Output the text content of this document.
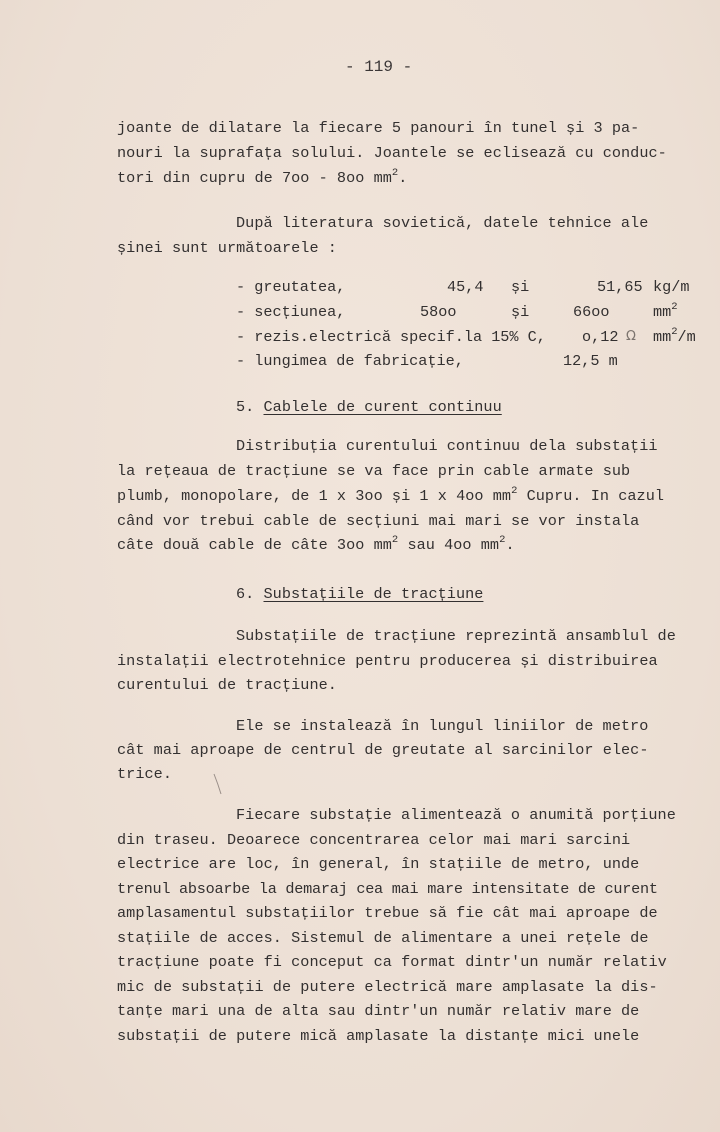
- 119 -
joante de dilatare la fiecare 5 panouri în tunel și 3 pa-
nouri la suprafața solului. Joantele se eclisează cu conduc-
tori din cupru de 7oo - 8oo $mm^2$.
După literatura sovietică, datele tehnice ale
șinei sunt următoarele :
- greutatea,	45,4 și	51,65 kg/m
- secțiunea,	58oo	și	66oo	$mm^2$
- rezis.electrică specif.la 15% C, o,12 Ω $mm^2/m$
- lungimea de fabricație,	12,5 m
5. Cablele de curent continuu
Distribuția curentului continuu dela substații
la rețeaua de tracțiune se va face prin cable armate sub
plumb, monopolare, de 1 x 3oo și 1 x 4oo $mm^2$ Cupru. In cazul
când vor trebui cable de secțiuni mai mari se vor instala
câte două cable de câte 3oo $mm^2$ sau 4oo $mm^2$.
6. Substațiile de tracțiune
Substațiile de tracțiune reprezintă ansamblul de
instalații electrotehnice pentru producerea și distribuirea
curentului de tracțiune.
Ele se instalează în lungul liniilor de metro
cât mai aproape de centrul de greutate al sarcinilor elec-
trice.
Fiecare substație alimentează o anumită porțiune
din traseu. Deoarece concentrarea celor mai mari sarcini
electrice are loc, în general, în stațiile de metro, unde
trenul absoarbe la demaraj cea mai mare intensitate de curent
amplasamentul substațiilor trebue să fie cât mai aproape de
stațiile de acces. Sistemul de alimentare a unei rețele de
tracțiune poate fi conceput ca format dintr'un număr relativ
mic de substații de putere electrică mare amplasate la dis-
tanțe mari una de alta sau dintr'un număr relativ mare de
substații de putere mică amplasate la distanțe mici unele
